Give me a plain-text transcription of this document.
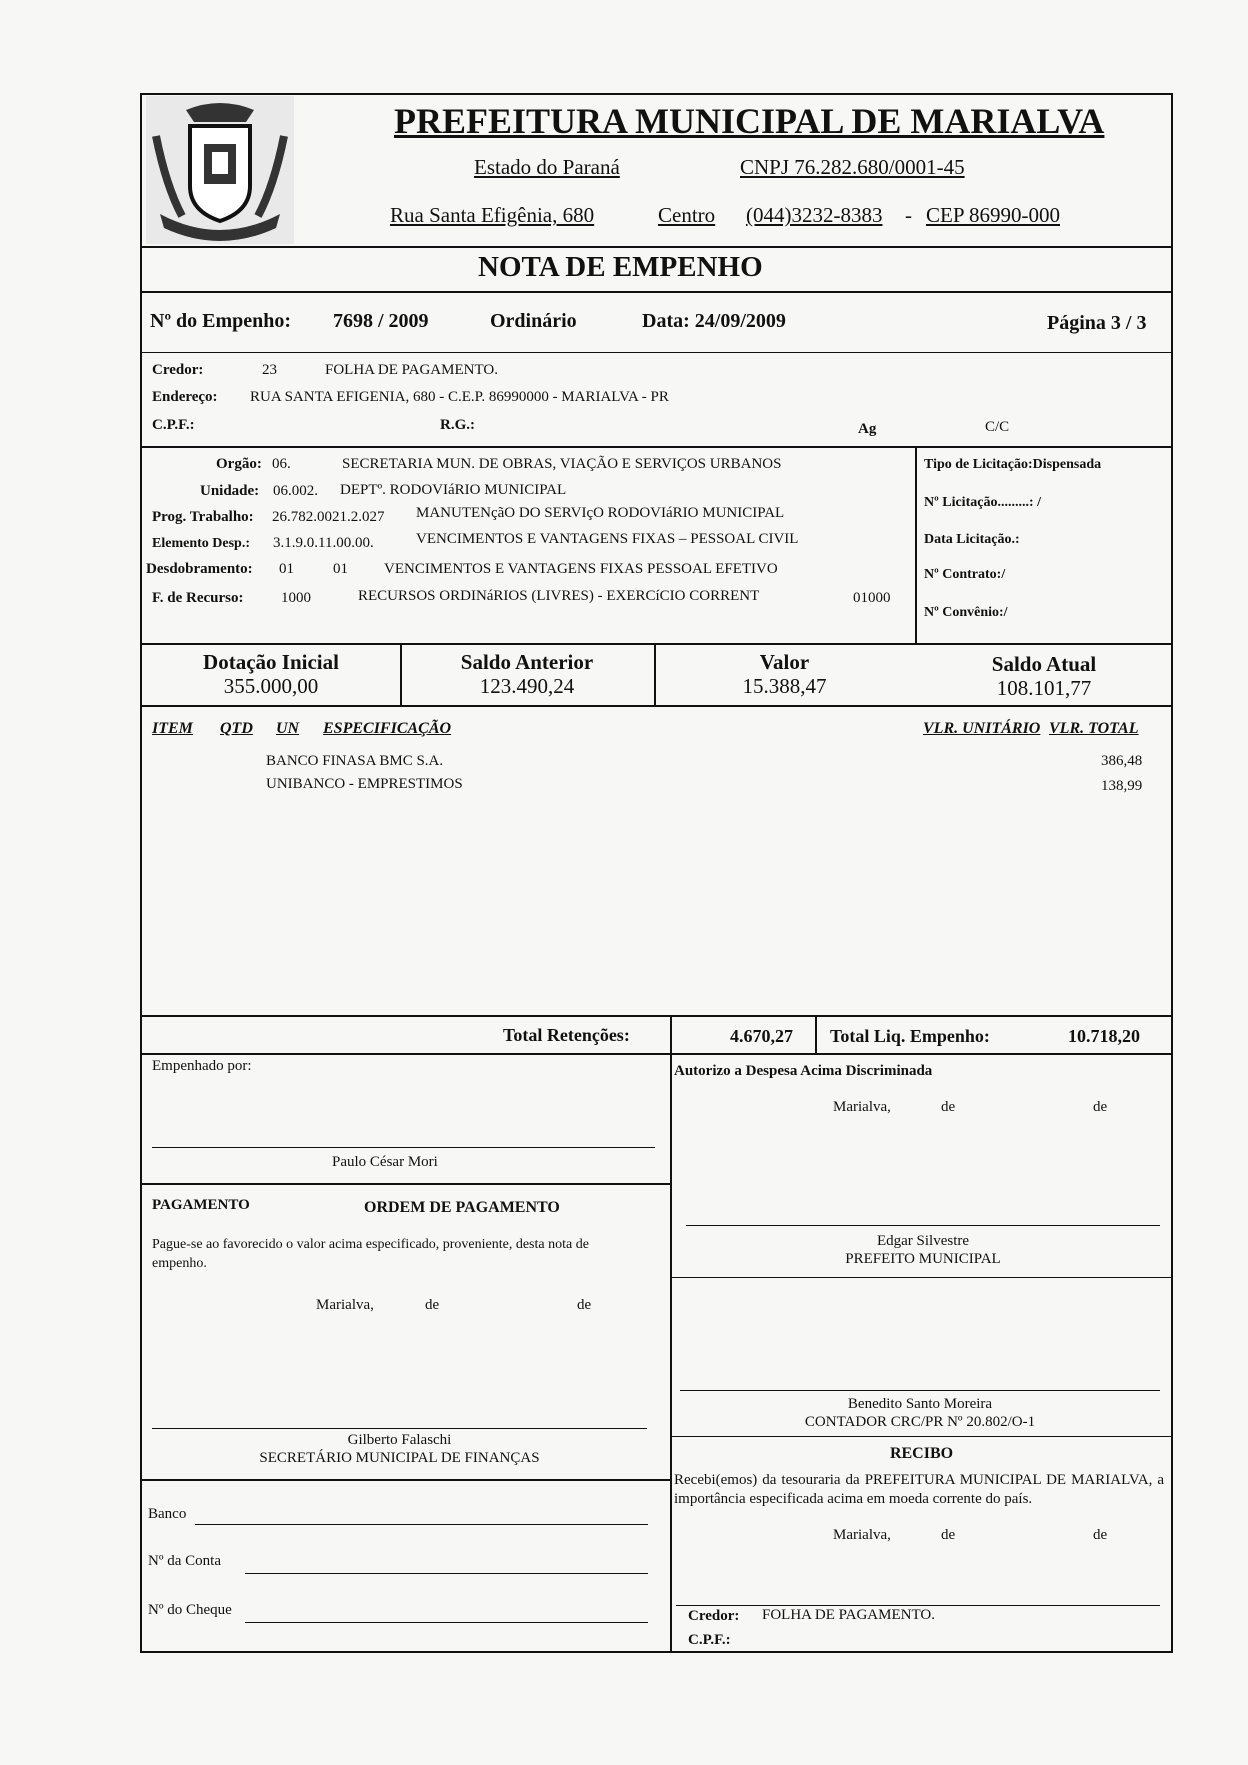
PREFEITURA MUNICIPAL DE MARIALVA
Estado do Paraná	CNPJ 76.282.680/0001-45
Rua Santa Efigênia, 680	Centro (044)3232-8383 - CEP 86990-000
NOTA DE EMPENHO
Nº do Empenho: 7698 / 2009	Ordinário	Data: 24/09/2009	Página 3 / 3
Credor:	23	FOLHA DE PAGAMENTO.
Endereço: RUA SANTA EFIGENIA, 680 - C.E.P. 86990000 - MARIALVA - PR
C.P.F.:	R.G.:	Ag	C/C
Orgão: 06.	SECRETARIA MUN. DE OBRAS, VIAÇÃO E SERVIÇOS URBANOS
Unidade: 06.002. DEPTº. RODOVIáRIO MUNICIPAL
Prog. Trabalho: 26.782.0021.2.027 MANUTENçãO DO SERVIçO RODOVIáRIO MUNICIPAL
Elemento Desp.: 3.1.9.0.11.00.00.	VENCIMENTOS E VANTAGENS FIXAS – PESSOAL CIVIL
Desdobramento: 01	01 VENCIMENTOS E VANTAGENS FIXAS PESSOAL EFETIVO
F. de Recurso: 1000	RECURSOS ORDINáRIOS (LIVRES) - EXERCíCIO CORRENT	01000
Tipo de Licitação:Dispensada
Nº Licitação.........: /
Data Licitação.:
Nº Contrato:/
Nº Convênio:/
Dotação Inicial
355.000,00
Saldo Anterior
123.490,24
Valor
15.388,47
Saldo Atual
108.101,77
ITEM QTD UN ESPECIFICAÇÃO	VLR. UNITÁRIO VLR. TOTAL
BANCO FINASA BMC S.A.	386,48
UNIBANCO - EMPRESTIMOS	138,99
Total Retenções:	4.670,27 Total Liq. Empenho:	10.718,20
Empenhado por:
Paulo César Mori
PAGAMENTO	ORDEM DE PAGAMENTO
Pague-se ao favorecido o valor acima especificado, proveniente, desta nota de empenho.
Marialva,	de	de
Gilberto Falaschi
SECRETÁRIO MUNICIPAL DE FINANÇAS
Banco
Nº da Conta
Nº do Cheque
Autorizo a Despesa Acima Discriminada
Marialva,	de	de
Edgar Silvestre
PREFEITO MUNICIPAL
Benedito Santo Moreira
CONTADOR CRC/PR Nº 20.802/O-1
RECIBO
Recebi(emos) da tesouraria da PREFEITURA MUNICIPAL DE MARIALVA, a importância especificada acima em moeda corrente do país.
Marialva,	de	de
Credor: FOLHA DE PAGAMENTO.
C.P.F.:
